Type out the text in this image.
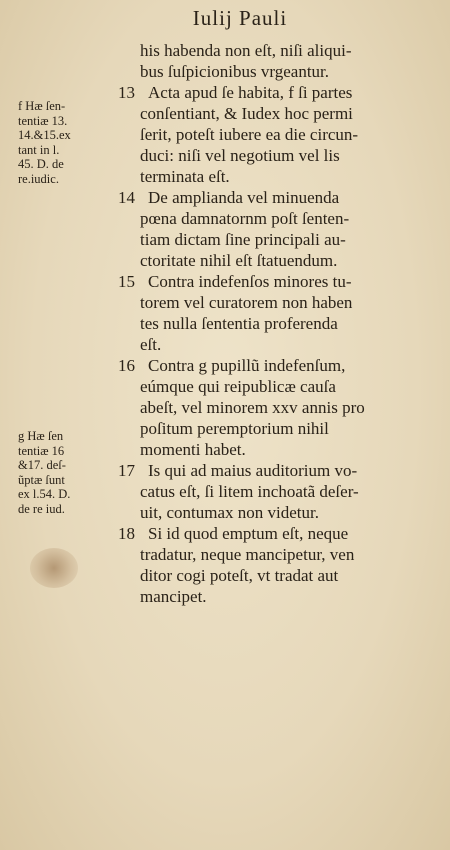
Iulij Pauli
f Hæ ſen-
tentiæ 13.
14.&15.ex
tant in l.
45. D. de
re.iudic.
g Hæ ſen
tentiæ 16
&17. deſ-
ũptæ ſunt
ex l.54. D.
de re iud.
his habenda non eſt, niſi aliqui-
bus ſuſpicionibus vrgeantur.
13 Acta apud ſe habita, f ſi partes
conſentiant, & Iudex hoc permi
ſerit, poteſt iubere ea die circun-
duci: niſi vel negotium vel lis
terminata eſt.
14 De amplianda vel minuenda
pœna damnatornm poſt ſenten-
tiam dictam ſine principali au-
ctoritate nihil eſt ſtatuendum.
15 Contra indefenſos minores tu-
torem vel curatorem non haben
tes nulla ſententia proferenda
eſt.
16 Contra g pupillũ indefenſum,
eúmque qui reipublicæ cauſa
abeſt, vel minorem xxv annis pro
poſitum peremptorium nihil
momenti habet.
17 Is qui ad maius auditorium vo-
catus eſt, ſi litem inchoatã deſer-
uit, contumax non videtur.
18 Si id quod emptum eſt, neque
tradatur, neque mancipetur, ven
ditor cogi poteſt, vt tradat aut
mancipet.
